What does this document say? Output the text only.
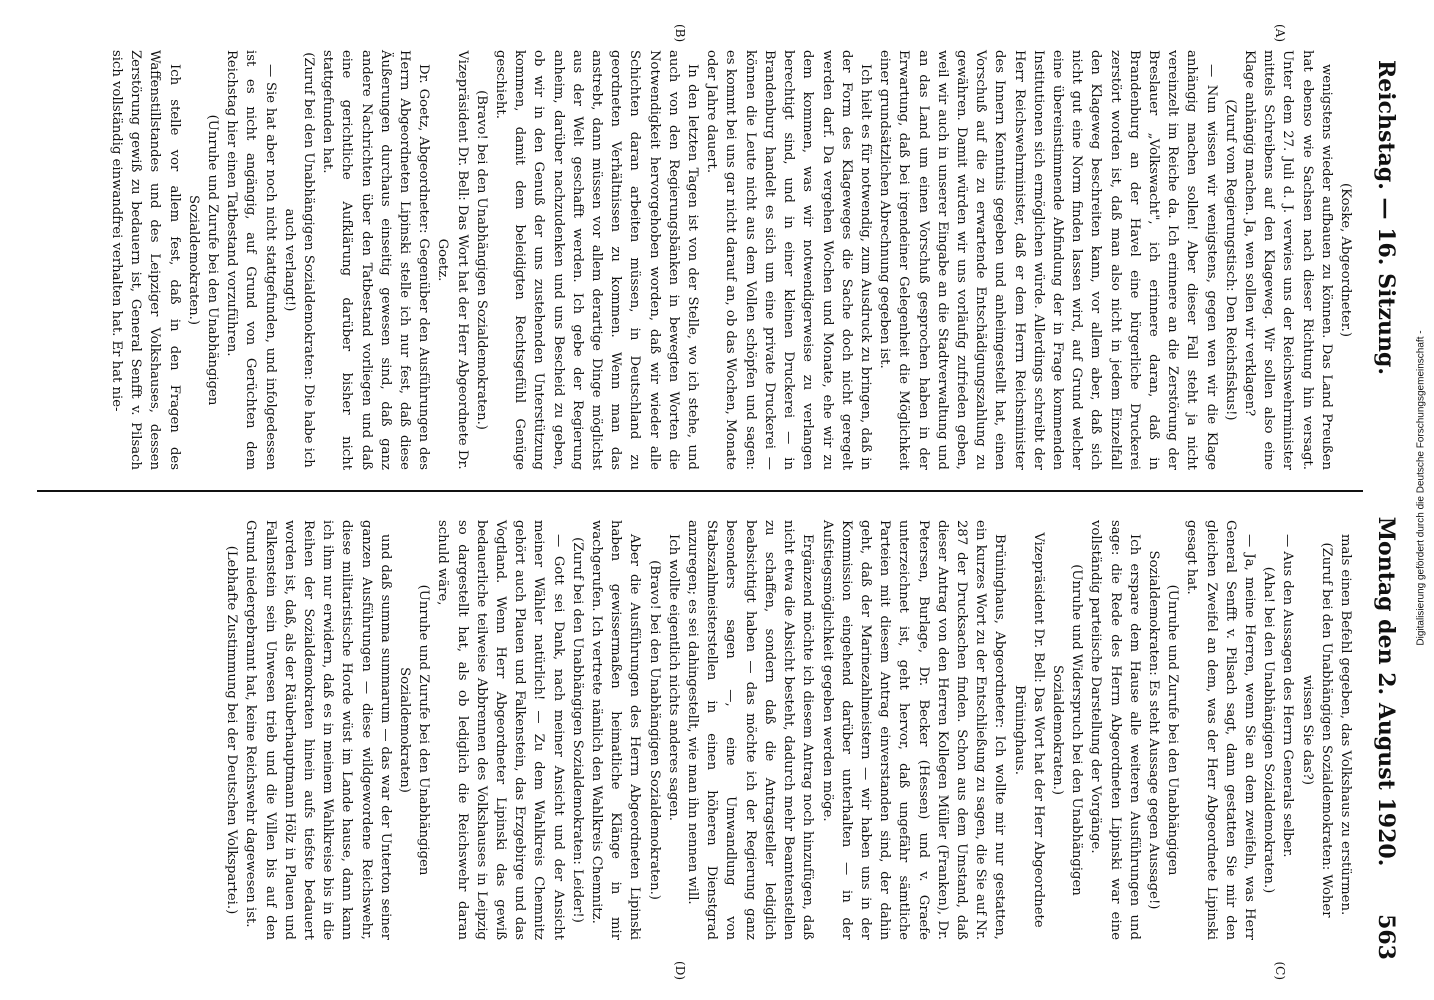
Reichstag. — 16. Sitzung.
Montag den 2. August 1920. 563
(A)
(B)
(C)
(D)

(Koske, Abgeordneter.)

wenigstens wieder aufbauen zu können. Das Land Preußen hat ebenso wie Sachsen nach dieser Richtung hin versagt. Unter dem 27. Juli d. J. verwies uns der Reichswehrminister mittels Schreibens auf den Klageweg. Wir sollen also eine Klage anhängig machen. Ja, wen sollen wir verklagen?

(Zuruf vom Regierungstisch: Den Reichsfiskus!)

— Nun wissen wir wenigstens, gegen wen wir die Klage anhängig machen sollen! Aber dieser Fall steht ja nicht vereinzelt im Reiche da. Ich erinnere an die Zerstörung der Breslauer „Volkswacht", ich erinnere daran, daß in Brandenburg an der Havel eine bürgerliche Druckerei zerstört worden ist, daß man also nicht in jedem Einzelfall den Klageweg beschreiten kann, vor allem aber, daß sich nicht gut eine Norm finden lassen wird, auf Grund welcher eine übereinstimmende Abfindung der in Frage kommenden Institutionen sich ermöglichen würde. Allerdings schreibt der Herr Reichswehrminister, daß er dem Herrn Reichsminister des Innern Kenntnis gegeben und anheimgestellt hat, einen Vorschuß auf die zu erwartende Entschädigungszahlung zu gewähren. Damit würden wir uns vorläufig zufrieden geben, weil wir auch in unserer Eingabe an die Stadtverwaltung und an das Land um einen Vorschuß gesprochen haben in der Erwartung, daß bei irgendeiner Gelegenheit die Möglichkeit einer grundsätzlichen Abrechnung gegeben ist.

Ich hielt es für notwendig, zum Ausdruck zu bringen, daß in der Form des Klageweges die Sache doch nicht geregelt werden darf. Da vergehen Wochen und Monate, ehe wir zu dem kommen, was wir notwendigerweise zu verlangen berechtigt sind, und in einer kleinen Druckerei — in Brandenburg handelt es sich um eine private Druckerei — können die Leute nicht aus dem Vollen schöpfen und sagen: es kommt bei uns gar nicht darauf an, ob das Wochen, Monate oder Jahre dauert.

In den letzten Tagen ist von der Stelle, wo ich stehe, und auch von den Regierungsbänken in bewegten Worten die Notwendigkeit hervorgehoben worden, daß wir wieder alle Schichten daran arbeiten müssen, in Deutschland zu geordneten Verhältnissen zu kommen. Wenn man das anstrebt, dann müssen vor allem derartige Dinge möglichst aus der Welt geschafft werden. Ich gebe der Regierung anheim, darüber nachzudenken und uns Bescheid zu geben, ob wir in den Genuß der uns zustehenden Unterstützung kommen, damit dem beleidigten Rechtsgefühl Genüge geschieht.

(Bravo! bei den Unabhängigen Sozialdemokraten.)

Vizepräsident Dr. Bell: Das Wort hat der Herr Abgeordnete Dr. Goetz.

Dr. Goetz, Abgeordneter: Gegenüber den Ausführungen des Herrn Abgeordneten Lipinski stelle ich nur fest, daß diese Äußerungen durchaus einseitig gewesen sind, daß ganz andere Nachrichten über den Tatbestand vorliegen und daß eine gerichtliche Aufklärung darüber bisher nicht stattgefunden hat.

(Zuruf bei den Unabhängigen Sozialdemokraten: Die habe ich auch verlangt!)

— Sie hat aber noch nicht stattgefunden, und infolgedessen ist es nicht angängig, auf Grund von Gerüchten dem Reichstag hier einen Tatbestand vorzuführen.

(Unruhe und Zurufe bei den Unabhängigen Sozialdemokraten.)

Ich stelle vor allem fest, daß in den Fragen des Waffenstillstandes und des Leipziger Volkshauses, dessen Zerstörung gewiß zu bedauern ist, General Senfft v. Pilsach sich vollständig einwandfrei verhalten hat. Er hat nie-

mals einen Befehl gegeben, das Volkshaus zu erstürmen.

(Zuruf bei den Unabhängigen Sozialdemokraten: Woher wissen Sie das?)

— Aus den Aussagen des Herrn Generals selber.

(Aha! bei den Unabhängigen Sozialdemokraten.)

— Ja, meine Herren, wenn Sie an dem zweifeln, was Herr General Senfft v. Pilsach sagt, dann gestatten Sie mir den gleichen Zweifel an dem, was der Herr Abgeordnete Lipinski gesagt hat.

(Unruhe und Zurufe bei den Unabhängigen Sozialdemokraten: Es steht Aussage gegen Aussage!)

Ich erspare dem Hause alle weiteren Ausführungen und sage: die Rede des Herrn Abgeordneten Lipinski war eine vollständig parteiische Darstellung der Vorgänge.

(Unruhe und Widerspruch bei den Unabhängigen Sozialdemokraten.)

Vizepräsident Dr. Bell: Das Wort hat der Herr Abgeordnete Brüninghaus.

Brüninghaus, Abgeordneter: Ich wollte mir nur gestatten, ein kurzes Wort zu der Entschließung zu sagen, die Sie auf Nr. 287 der Drucksachen finden. Schon aus dem Umstand, daß dieser Antrag von den Herren Kollegen Müller (Franken), Dr. Petersen, Burlage, Dr. Becker (Hessen) und v. Graefe unterzeichnet ist, geht hervor, daß ungefähr sämtliche Parteien mit diesem Antrag einverstanden sind, der dahin geht, daß der Marinezahlmeistern — wir haben uns in der Kommission eingehend darüber unterhalten — in der Aufstiegsmöglichkeit gegeben werden möge.

Ergänzend möchte ich diesem Antrag noch hinzufügen, daß nicht etwa die Absicht besteht, dadurch mehr Beamtenstellen zu schaffen, sondern daß die Antragsteller lediglich beabsichtigt haben — das möchte ich der Regierung ganz besonders sagen —, eine Umwandlung von Stabszahlmeisterstellen in einen höheren Dienstgrad anzuregen; es sei dahingestellt, wie man ihn nennen will.

Ich wollte eigentlich nichts anderes sagen.

(Bravo! bei den Unabhängigen Sozialdemokraten.)

Aber die Ausführungen des Herrn Abgeordneten Lipinski haben gewissermaßen heimatliche Klänge in mir wachgerufen. Ich vertrete nämlich den Wahlkreis Chemnitz.

(Zuruf bei den Unabhängigen Sozialdemokraten: Leider!)

— Gott sei Dank, nach meiner Ansicht und der Ansicht meiner Wähler natürlich! — Zu dem Wahlkreis Chemnitz gehört auch Plauen und Falkenstein, das Erzgebirge und das Vogtland. Wenn Herr Abgeordneter Lipinski das gewiß bedauerliche teilweise Abbrennen des Volkshauses in Leipzig so dargestellt hat, als ob lediglich die Reichswehr daran schuld wäre,

(Unruhe und Zurufe bei den Unabhängigen Sozialdemokraten)

und daß summa summarum — das war der Unterton seiner ganzen Ausführungen — diese wildgewordene Reichswehr, diese militaristische Horde wüst im Lande hause, dann kann ich ihm nur erwidern, daß es in meinem Wahlkreise bis in die Reihen der Sozialdemokraten hinein aufs tiefste bedauert worden ist, daß, als der Räuberhauptmann Hölz in Plauen und Falkenstein sein Unwesen trieb und die Villen bis auf den Grund niedergebrannt hat, keine Reichswehr dagewesen ist.

(Lebhafte Zustimmung bei der Deutschen Volkspartei.)

Digitalisierung gefördert durch die Deutsche Forschungsgemeinschaft -
